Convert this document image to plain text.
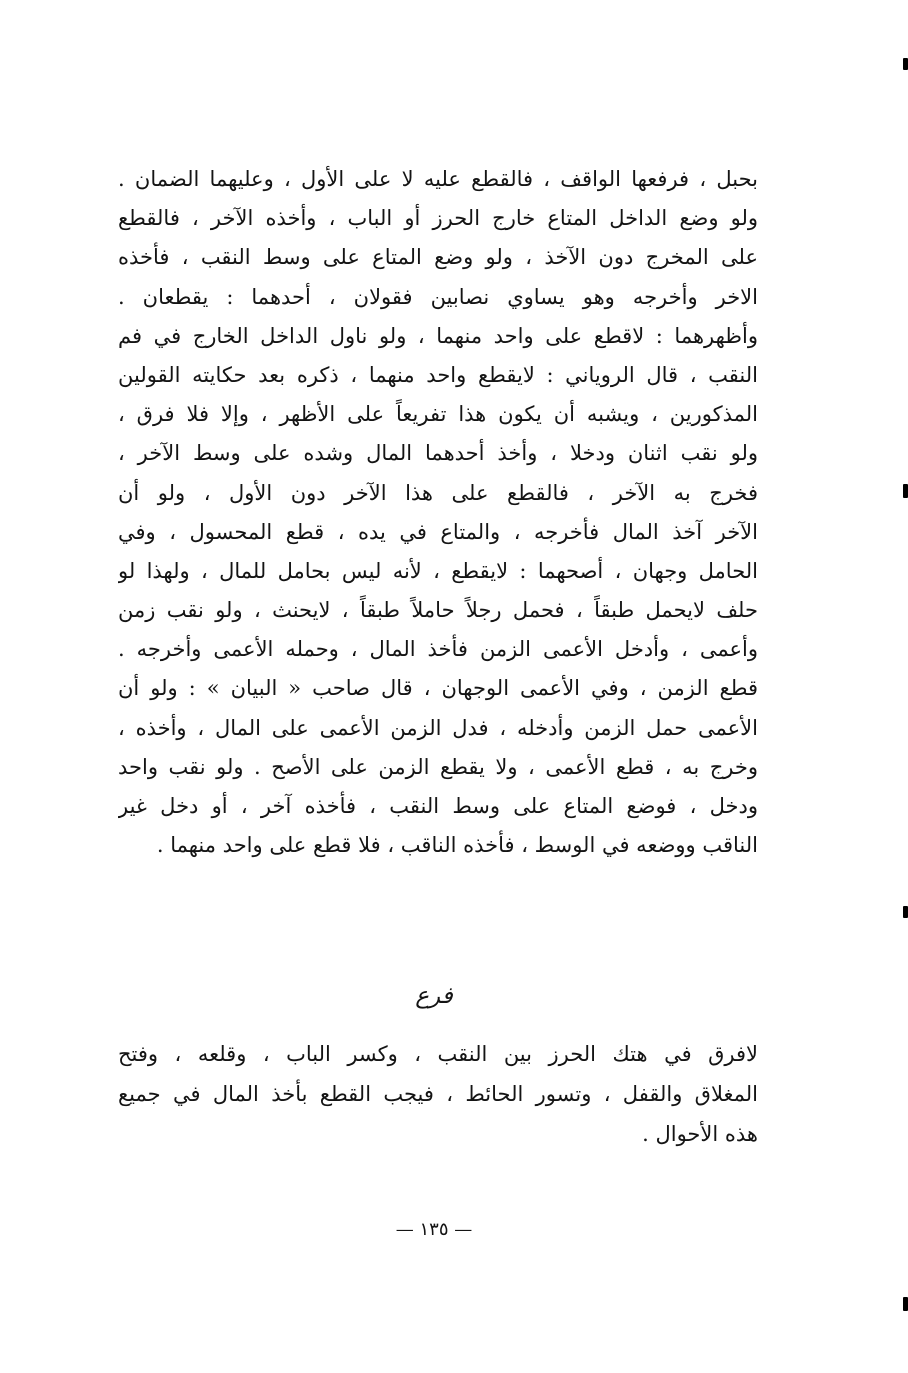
بحبل ، فرفعها الواقف ، فالقطع عليه لا على الأول ، وعليهما الضمان .
ولو وضع الداخل المتاع خارج الحرز أو الباب ، وأخذه الآخر ، فالقطع
على المخرج دون الآخذ ، ولو وضع المتاع على وسط النقب ، فأخذه
الاخر وأخرجه وهو يساوي نصابين فقولان ، أحدهما : يقطعان .
وأظهرهما : لاقطع على واحد منهما ، ولو ناول الداخل الخارج في فم
النقب ، قال الروياني : لايقطع واحد منهما ، ذكره بعد حكايته القولين
المذكورين ، ويشبه أن يكون هذا تفريعاً على الأظهر ، وإلا فلا فرق ،
ولو نقب اثنان ودخلا ، وأخذ أحدهما المال وشده على وسط الآخر ،
فخرج به الآخر ، فالقطع على هذا الآخر دون الأول ، ولو أن
الآخر آخذ المال فأخرجه ، والمتاع في يده ، قطع المحسول ، وفي
الحامل وجهان ، أصحهما : لايقطع ، لأنه ليس بحامل للمال ، ولهذا لو
حلف لايحمل طبقاً ، فحمل رجلاً حاملاً طبقاً ، لايحنث ، ولو نقب زمن
وأعمى ، وأدخل الأعمى الزمن فأخذ المال ، وحمله الأعمى وأخرجه .
قطع الزمن ، وفي الأعمى الوجهان ، قال صاحب « البيان » : ولو أن
الأعمى حمل الزمن وأدخله ، فدل الزمن الأعمى على المال ، وأخذه ،
وخرج به ، قطع الأعمى ، ولا يقطع الزمن على الأصح . ولو نقب واحد
ودخل ، فوضع المتاع على وسط النقب ، فأخذه آخر ، أو دخل غير
الناقب ووضعه في الوسط ، فأخذه الناقب ، فلا قطع على واحد منهما .
فرع
لافرق في هتك الحرز بين النقب ، وكسر الباب ، وقلعه ، وفتح
المغلاق والقفل ، وتسور الحائط ، فيجب القطع بأخذ المال في جميع
هذه الأحوال .
— ١٣٥ —
